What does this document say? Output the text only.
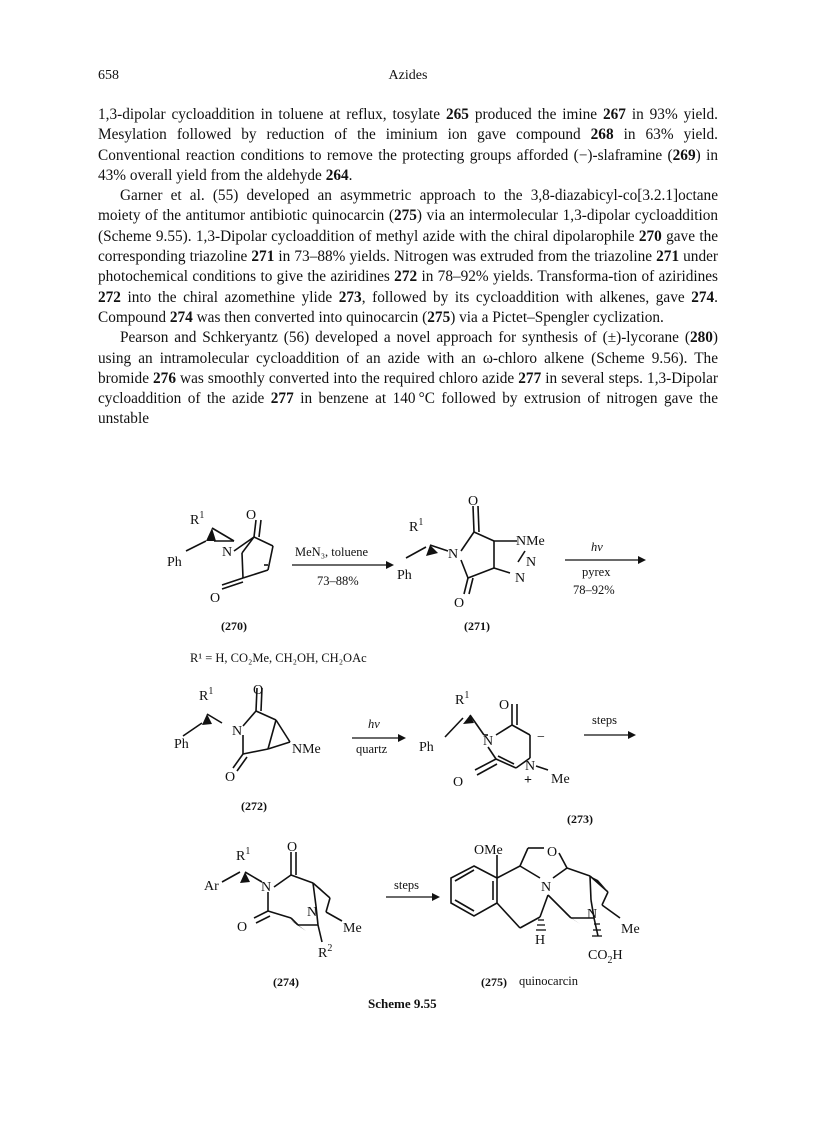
658	Azides

1,3-dipolar cycloaddition in toluene at reflux, tosylate 265 produced the imine 267 in 93% yield. Mesylation followed by reduction of the iminium ion gave compound 268 in 63% yield. Conventional reaction conditions to remove the protecting groups afforded (−)-slaframine (269) in 43% overall yield from the aldehyde 264.

Garner et al. (55) developed an asymmetric approach to the 3,8-diazabicyl-co[3.2.1]octane moiety of the antitumor antibiotic quinocarcin (275) via an intermolecular 1,3-dipolar cycloaddition (Scheme 9.55). 1,3-Dipolar cycloaddition of methyl azide with the chiral dipolarophile 270 gave the corresponding triazoline 271 in 73–88% yields. Nitrogen was extruded from the triazoline 271 under photochemical conditions to give the aziridines 272 in 78–92% yields. Transforma-tion of aziridines 272 into the chiral azomethine ylide 273, followed by its cycloaddition with alkenes, gave 274. Compound 274 was then converted into quinocarcin (275) via a Pictet–Spengler cyclization.

Pearson and Schkeryantz (56) developed a novel approach for synthesis of (±)-lycorane (280) using an intramolecular cycloaddition of an azide with an ω-chloro alkene (Scheme 9.56). The bromide 276 was smoothly converted into the required chloro azide 277 in several steps. 1,3-Dipolar cycloaddition of the azide 277 in benzene at 140 °C followed by extrusion of nitrogen gave the unstable

$R^1$	O
Ph
N
O
MeN₃, toluene
73–88%
$R^1$
O
NMe
N
N
N
Ph
O
hν
pyrex
78–92%
(270)	(271)
R¹ = H, CO₂Me, CH₂OH, CH₂OAc
$R^1$	O
N
Ph	NMe
O
hν
quartz
$R^1$
O
N	−
Ph
N
+ Me
O
steps
(272)
(273)
$R^1$	O
Ar	N
N
O	Me
$R^2$
steps
OMe	O
N
N
Me
H
$CO_2H$
(274)	(275) quinocarcin
Scheme 9.55
